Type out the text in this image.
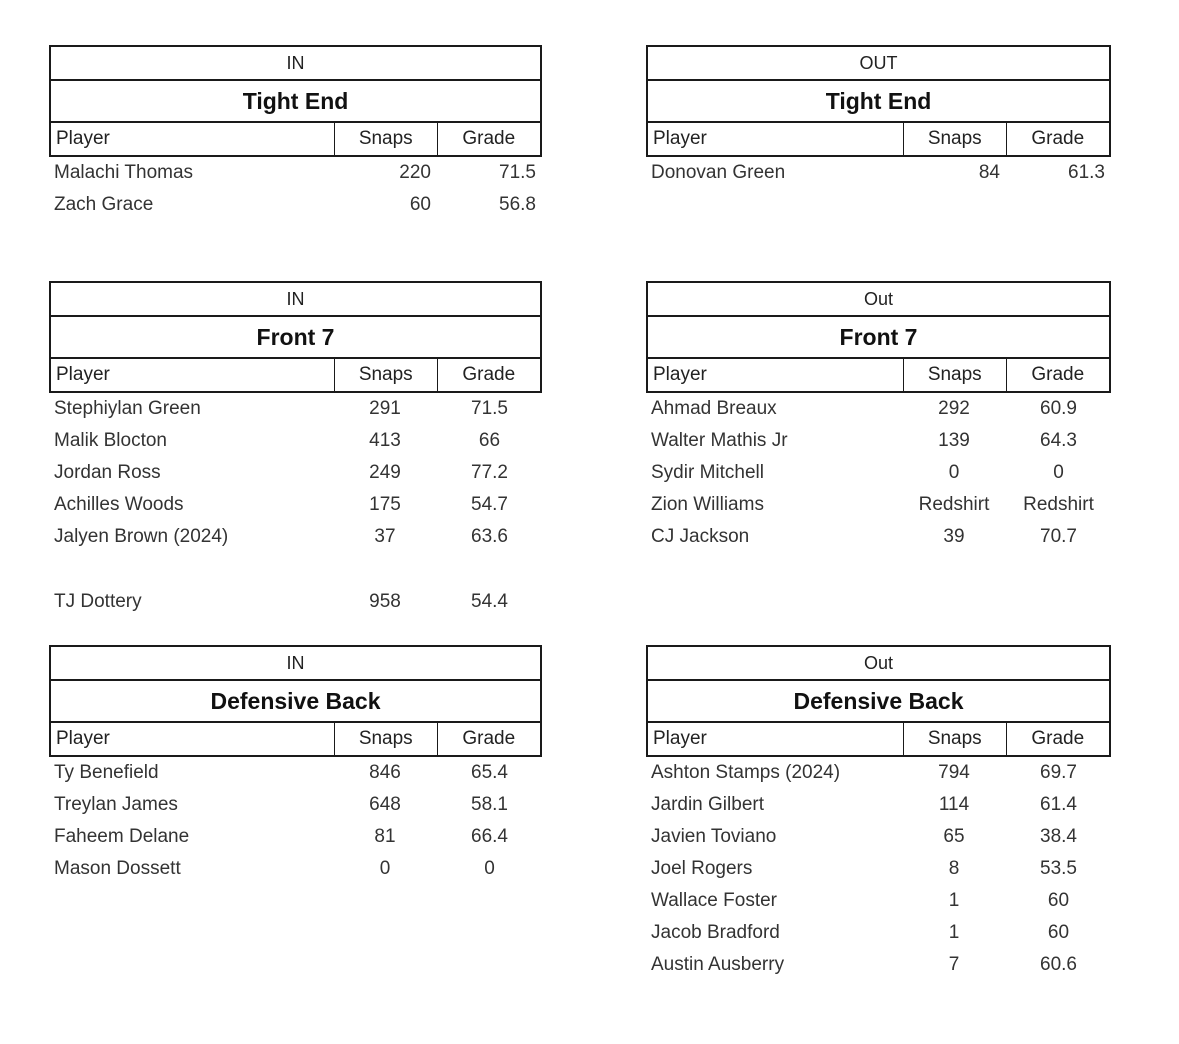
IN
Tight End
Player	Snaps	Grade
Malachi Thomas	220	71.5
Zach Grace	60	56.8
OUT
Tight End
Player	Snaps	Grade
Donovan Green	84	61.3
IN
Front 7
Player	Snaps	Grade
Stephiylan Green	291	71.5
Malik Blocton	413	66
Jordan Ross	249	77.2
Achilles Woods	175	54.7
Jalyen Brown (2024)	37	63.6
TJ Dottery	958	54.4
Out
Front 7
Player	Snaps	Grade
Ahmad Breaux	292	60.9
Walter Mathis Jr	139	64.3
Sydir Mitchell	0	0
Zion Williams	Redshirt	Redshirt
CJ Jackson	39	70.7
IN
Defensive Back
Player	Snaps	Grade
Ty Benefield	846	65.4
Treylan James	648	58.1
Faheem Delane	81	66.4
Mason Dossett	0	0
Out
Defensive Back
Player	Snaps	Grade
Ashton Stamps (2024)	794	69.7
Jardin Gilbert	114	61.4
Javien Toviano	65	38.4
Joel Rogers	8	53.5
Wallace Foster	1	60
Jacob Bradford	1	60
Austin Ausberry	7	60.6
